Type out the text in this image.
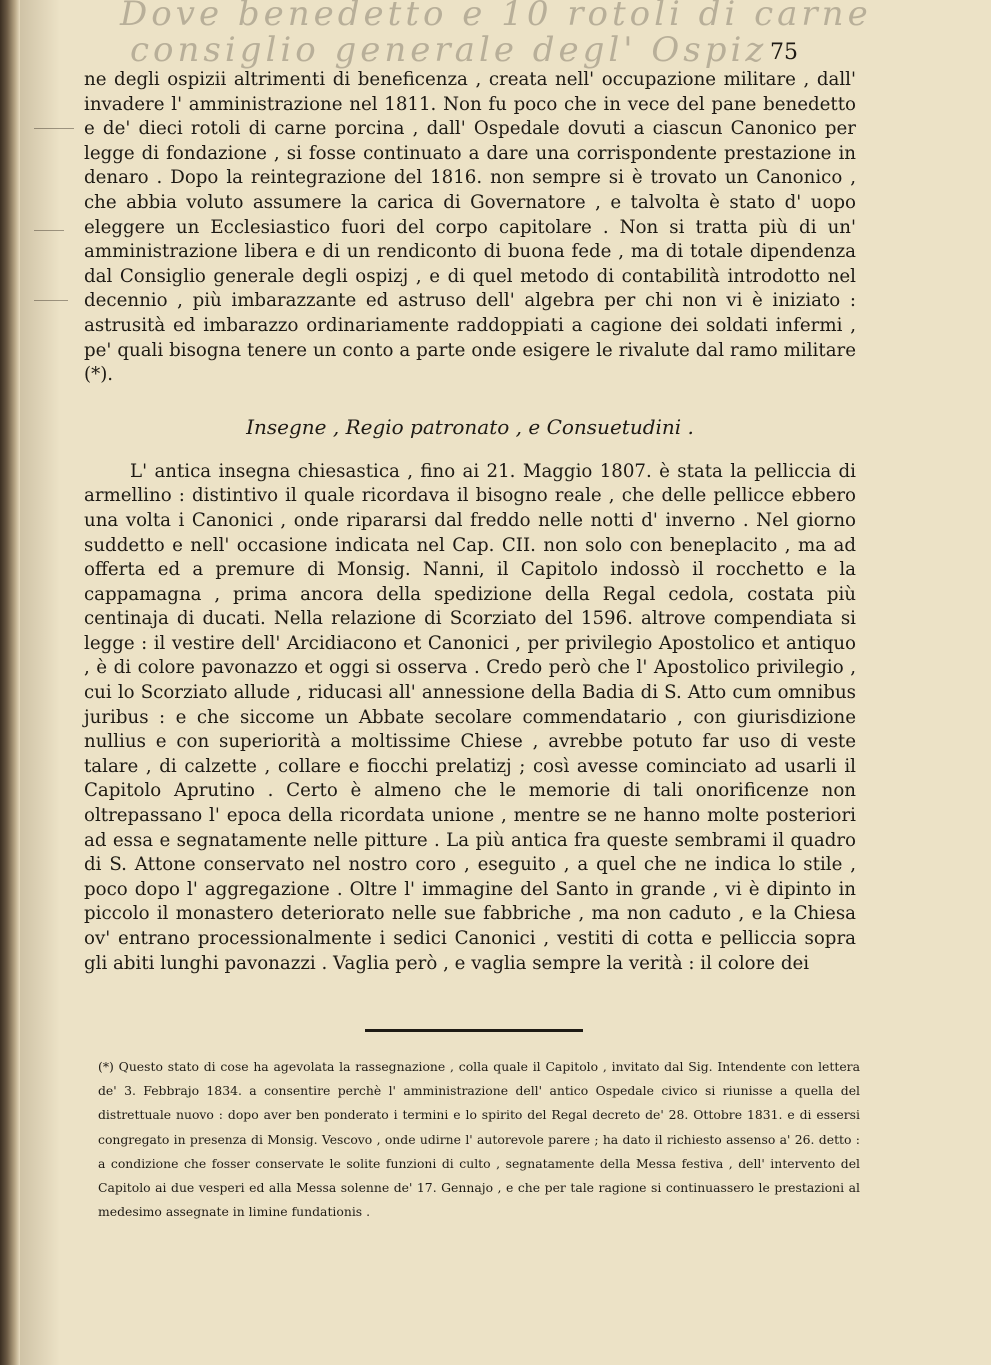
Dove benedetto e 10 rotoli di carne
consiglio generale degl' Ospiz 75

ne degli ospizii altrimenti di beneficenza , creata nell' occupazione militare , dall' invadere l' amministrazione nel 1811. Non fu poco che in vece del pane benedetto e de' dieci rotoli di carne porcina , dall' Ospedale dovuti a ciascun Canonico per legge di fondazione , si fosse continuato a dare una corrispondente prestazione in denaro . Dopo la reintegrazione del 1816. non sempre si è trovato un Canonico , che abbia voluto assumere la carica di Governatore , e talvolta è stato d' uopo eleggere un Ecclesiastico fuori del corpo capitolare . Non si tratta più di un' amministrazione libera e di un rendiconto di buona fede , ma di totale dipendenza dal Consiglio generale degli ospizj , e di quel metodo di contabilità introdotto nel decennio , più imbarazzante ed astruso dell' algebra per chi non vi è iniziato : astrusità ed imbarazzo ordinariamente raddoppiati a cagione dei soldati infermi , pe' quali bisogna tenere un conto a parte onde esigere le rivalute dal ramo militare (*).

Insegne , Regio patronato , e Consuetudini .

L' antica insegna chiesastica , fino ai 21. Maggio 1807. è stata la pelliccia di armellino : distintivo il quale ricordava il bisogno reale , che delle pellicce ebbero una volta i Canonici , onde ripararsi dal freddo nelle notti d' inverno . Nel giorno suddetto e nell' occasione indicata nel Cap. CII. non solo con beneplacito , ma ad offerta ed a premure di Monsig. Nanni, il Capitolo indossò il rocchetto e la cappamagna , prima ancora della spedizione della Regal cedola, costata più centinaja di ducati. Nella relazione di Scorziato del 1596. altrove compendiata si legge : il vestire dell' Arcidiacono et Canonici , per privilegio Apostolico et antiquo , è di colore pavonazzo et oggi si osserva . Credo però che l' Apostolico privilegio , cui lo Scorziato allude , riducasi all' annessione della Badia di S. Atto cum omnibus juribus : e che siccome un Abbate secolare commendatario , con giurisdizione nullius e con superiorità a moltissime Chiese , avrebbe potuto far uso di veste talare , di calzette , collare e fiocchi prelatizj ; così avesse cominciato ad usarli il Capitolo Aprutino . Certo è almeno che le memorie di tali onorificenze non oltrepassano l' epoca della ricordata unione , mentre se ne hanno molte posteriori ad essa e segnatamente nelle pitture . La più antica fra queste sembrami il quadro di S. Attone conservato nel nostro coro , eseguito , a quel che ne indica lo stile , poco dopo l' aggregazione . Oltre l' immagine del Santo in grande , vi è dipinto in piccolo il monastero deteriorato nelle sue fabbriche , ma non caduto , e la Chiesa ov' entrano processionalmente i sedici Canonici , vestiti di cotta e pelliccia sopra gli abiti lunghi pavonazzi . Vaglia però , e vaglia sempre la verità : il colore dei

(*) Questo stato di cose ha agevolata la rassegnazione , colla quale il Capitolo , invitato dal Sig. Intendente con lettera de' 3. Febbrajo 1834. a consentire perchè l' amministrazione dell' antico Ospedale civico si riunisse a quella del distrettuale nuovo : dopo aver ben ponderato i termini e lo spirito del Regal decreto de' 28. Ottobre 1831. e di essersi congregato in presenza di Monsig. Vescovo , onde udirne l' autorevole parere ; ha dato il richiesto assenso a' 26. detto : a condizione che fosser conservate le solite funzioni di culto , segnatamente della Messa festiva , dell' intervento del Capitolo ai due vesperi ed alla Messa solenne de' 17. Gennajo , e che per tale ragione si continuassero le prestazioni al medesimo assegnate in limine fundationis .
